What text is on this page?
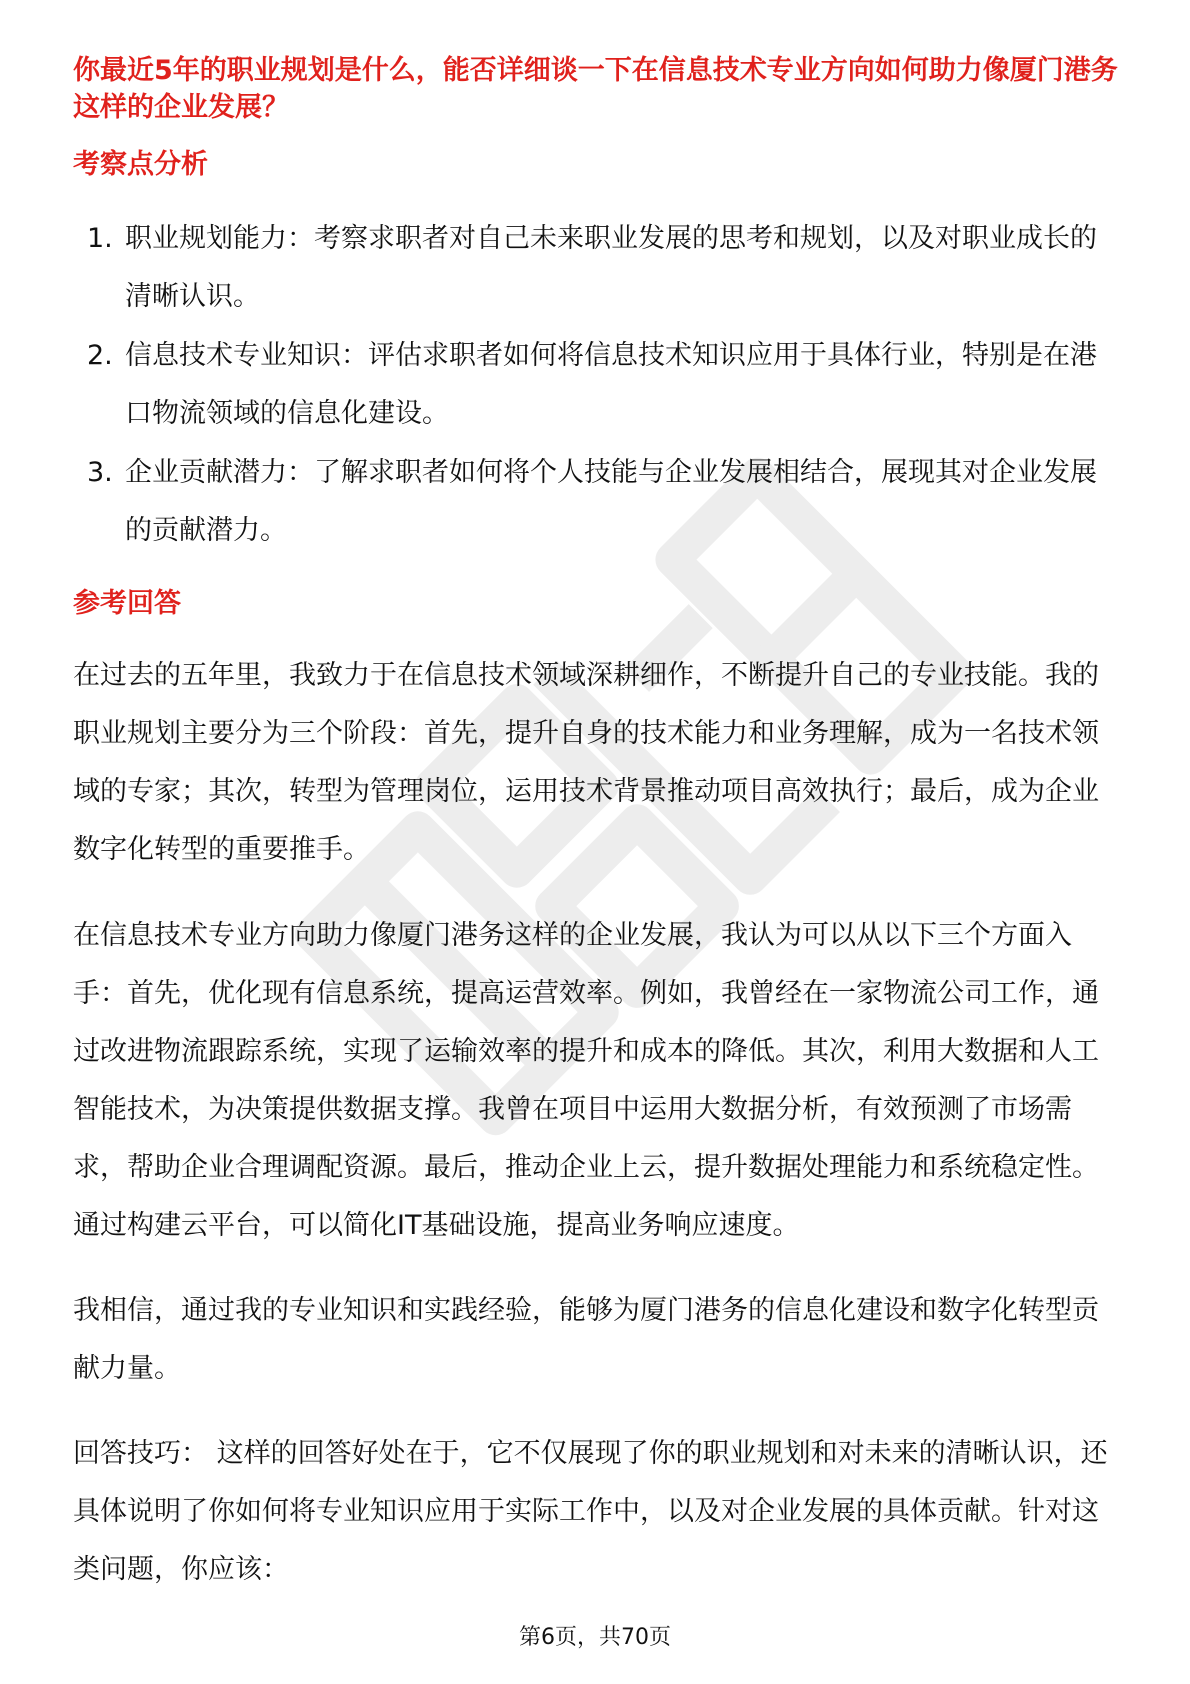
你最近5年的职业规划是什么，能否详细谈一下在信息技术专业方向如何助力像厦门港务这样的企业发展？
考察点分析
1. 职业规划能力：考察求职者对自己未来职业发展的思考和规划，以及对职业成长的清晰认识。
2. 信息技术专业知识：评估求职者如何将信息技术知识应用于具体行业，特别是在港口物流领域的信息化建设。
3. 企业贡献潜力：了解求职者如何将个人技能与企业发展相结合，展现其对企业发展的贡献潜力。
参考回答

在过去的五年里，我致力于在信息技术领域深耕细作，不断提升自己的专业技能。我的职业规划主要分为三个阶段：首先，提升自身的技术能力和业务理解，成为一名技术领域的专家；其次，转型为管理岗位，运用技术背景推动项目高效执行；最后，成为企业数字化转型的重要推手。

在信息技术专业方向助力像厦门港务这样的企业发展，我认为可以从以下三个方面入手：首先，优化现有信息系统，提高运营效率。例如，我曾经在一家物流公司工作，通过改进物流跟踪系统，实现了运输效率的提升和成本的降低。其次，利用大数据和人工智能技术，为决策提供数据支撑。我曾在项目中运用大数据分析，有效预测了市场需求，帮助企业合理调配资源。最后，推动企业上云，提升数据处理能力和系统稳定性。通过构建云平台，可以简化IT基础设施，提高业务响应速度。

我相信，通过我的专业知识和实践经验，能够为厦门港务的信息化建设和数字化转型贡献力量。

回答技巧： 这样的回答好处在于，它不仅展现了你的职业规划和对未来的清晰认识，还具体说明了你如何将专业知识应用于实际工作中，以及对企业发展的具体贡献。针对这类问题，你应该：

第6页，共70页
